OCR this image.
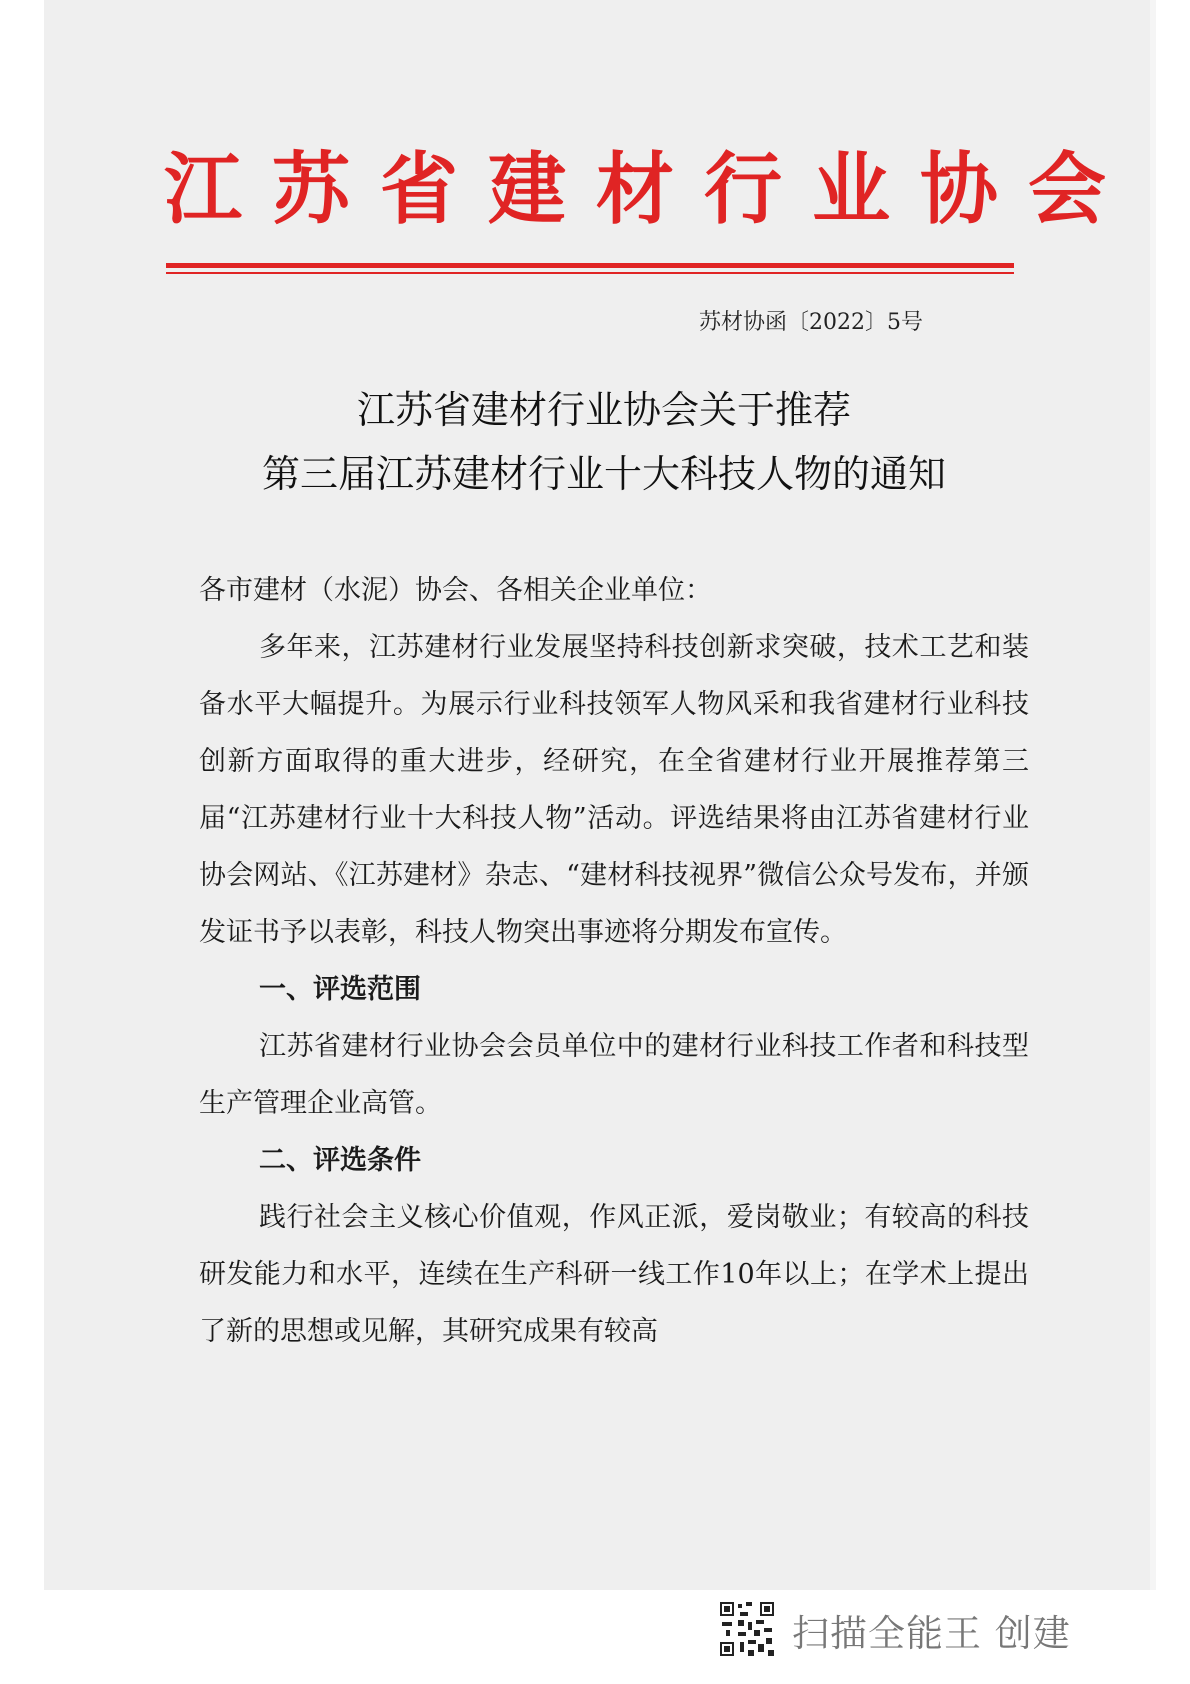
江苏省建材行业协会
苏材协函〔2022〕5号
江苏省建材行业协会关于推荐
第三届江苏建材行业十大科技人物的通知

各市建材（水泥）协会、各相关企业单位：

多年来，江苏建材行业发展坚持科技创新求突破，技术工艺和装备水平大幅提升。为展示行业科技领军人物风采和我省建材行业科技创新方面取得的重大进步，经研究，在全省建材行业开展推荐第三届“江苏建材行业十大科技人物”活动。评选结果将由江苏省建材行业协会网站、《江苏建材》杂志、“建材科技视界”微信公众号发布，并颁发证书予以表彰，科技人物突出事迹将分期发布宣传。

一、评选范围

江苏省建材行业协会会员单位中的建材行业科技工作者和科技型生产管理企业高管。

二、评选条件

践行社会主义核心价值观，作风正派，爱岗敬业；有较高的科技研发能力和水平，连续在生产科研一线工作10年以上；在学术上提出了新的思想或见解，其研究成果有较高

扫描全能王 创建
